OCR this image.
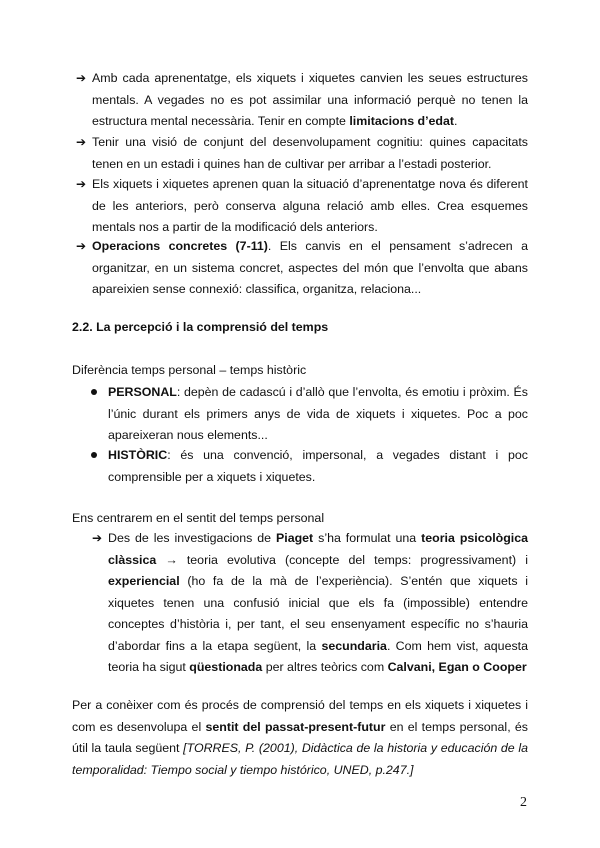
➔ Amb cada aprenentatge, els xiquets i xiquetes canvien les seues estructures mentals. A vegades no es pot assimilar una informació perquè no tenen la estructura mental necessària. Tenir en compte limitacions d’edat.
➔ Tenir una visió de conjunt del desenvolupament cognitiu: quines capacitats tenen en un estadi i quines han de cultivar per arribar a l’estadi posterior.
➔ Els xiquets i xiquetes aprenen quan la situació d’aprenentatge nova és diferent de les anteriors, però conserva alguna relació amb elles. Crea esquemes mentals nos a partir de la modificació dels anteriors.
➔ Operacions concretes (7-11). Els canvis en el pensament s’adrecen a organitzar, en un sistema concret, aspectes del món que l’envolta que abans apareixien sense connexió: classifica, organitza, relaciona...
2.2. La percepció i la comprensió del temps
Diferència temps personal – temps històric
PERSONAL: depèn de cadascú i d’allò que l’envolta, és emotiu i pròxim. És l’únic durant els primers anys de vida de xiquets i xiquetes. Poc a poc apareixeran nous elements...
HISTÒRIC: és una convenció, impersonal, a vegades distant i poc comprensible per a xiquets i xiquetes.
Ens centrarem en el sentit del temps personal
➔ Des de les investigacions de Piaget s’ha formulat una teoria psicològica clàssica → teoria evolutiva (concepte del temps: progressivament) i experiencial (ho fa de la mà de l’experiència). S’entén que xiquets i xiquetes tenen una confusió inicial que els fa (impossible) entendre conceptes d’història i, per tant, el seu ensenyament específic no s’hauria d’abordar fins a la etapa següent, la secundaria. Com hem vist, aquesta teoria ha sigut qüestionada per altres teòrics com Calvani, Egan o Cooper
Per a conèixer com és procés de comprensió del temps en els xiquets i xiquetes i com es desenvolupa el sentit del passat-present-futur en el temps personal, és útil la taula següent [TORRES, P. (2001), Didàctica de la historia y educación de la temporalidad: Tiempo social y tiempo histórico, UNED, p.247.]
2
